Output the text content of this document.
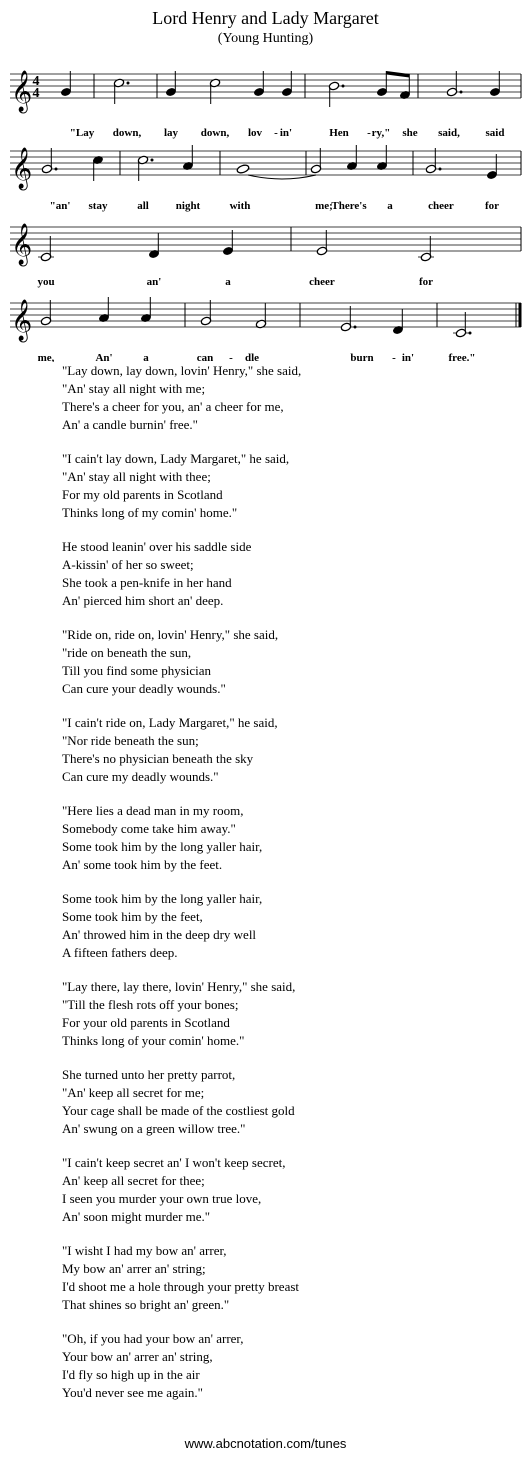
Lord Henry and Lady Margaret
(Young Hunting)
𝄞 4
4
𝄞
𝄞
𝄞
"Lay down, lay down, lov - in'	Hen - ry," she said, said
"an' stay	all night	with	me;
There's a	cheer	for
you	an'	a	cheer	for
me,	An'	a	can - dle	burn - in'	free."
"Lay down, lay down, lovin' Henry," she said,
"An' stay all night with me;
There's a cheer for you, an' a cheer for me,
An' a candle burnin' free."
"I cain't lay down, Lady Margaret," he said,
"An' stay all night with thee;
For my old parents in Scotland
Thinks long of my comin' home."
He stood leanin' over his saddle side
A-kissin' of her so sweet;
She took a pen-knife in her hand
An' pierced him short an' deep.
"Ride on, ride on, lovin' Henry," she said,
"ride on beneath the sun,
Till you find some physician
Can cure your deadly wounds."
"I cain't ride on, Lady Margaret," he said,
"Nor ride beneath the sun;
There's no physician beneath the sky
Can cure my deadly wounds."
"Here lies a dead man in my room,
Somebody come take him away."
Some took him by the long yaller hair,
An' some took him by the feet.
Some took him by the long yaller hair,
Some took him by the feet,
An' throwed him in the deep dry well
A fifteen fathers deep.
"Lay there, lay there, lovin' Henry," she said,
"Till the flesh rots off your bones;
For your old parents in Scotland
Thinks long of your comin' home."
She turned unto her pretty parrot,
"An' keep all secret for me;
Your cage shall be made of the costliest gold
An' swung on a green willow tree."
"I cain't keep secret an' I won't keep secret,
An' keep all secret for thee;
I seen you murder your own true love,
An' soon might murder me."
"I wisht I had my bow an' arrer,
My bow an' arrer an' string;
I'd shoot me a hole through your pretty breast
That shines so bright an' green."
"Oh, if you had your bow an' arrer,
Your bow an' arrer an' string,
I'd fly so high up in the air
You'd never see me again."
www.abcnotation.com/tunes
